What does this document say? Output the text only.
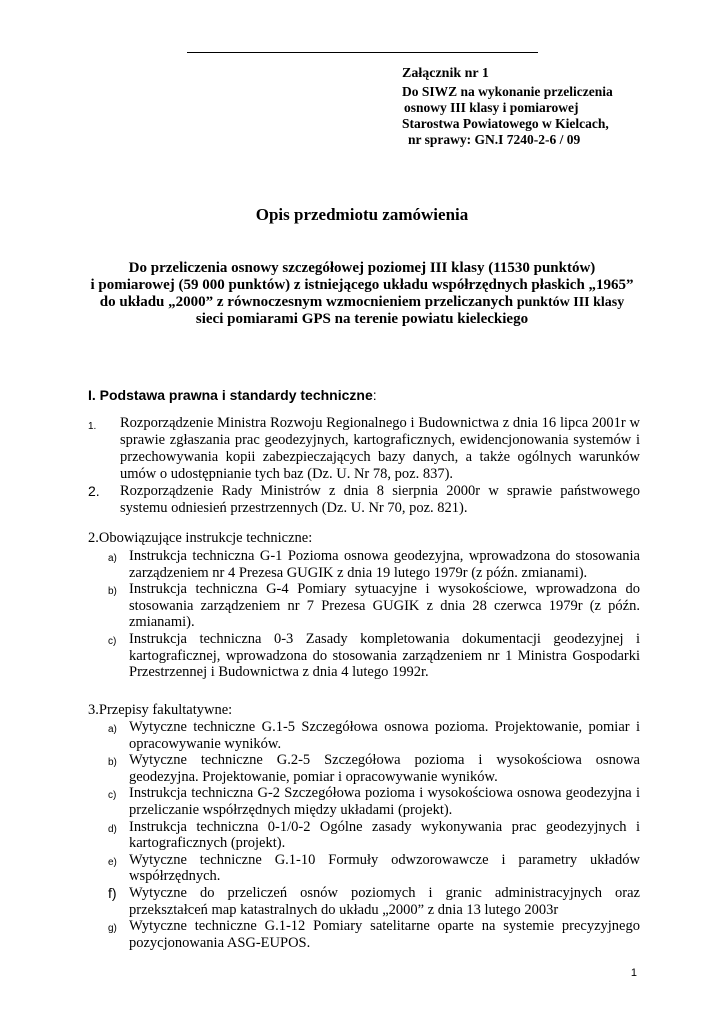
Załącznik nr 1
Do SIWZ na wykonanie przeliczenia
osnowy III klasy i pomiarowej
Starostwa Powiatowego w Kielcach,
nr sprawy: GN.I 7240-2-6 / 09
Opis przedmiotu zamówienia
Do przeliczenia osnowy szczegółowej poziomej III klasy (11530 punktów)
i pomiarowej (59 000 punktów) z istniejącego układu współrzędnych płaskich „1965”
do układu „2000” z równoczesnym wzmocnieniem przeliczanych punktów III klasy
sieci pomiarami GPS na terenie powiatu kieleckiego
I. Podstawa prawna i standardy techniczne:
1. Rozporządzenie Ministra Rozwoju Regionalnego i Budownictwa z dnia 16 lipca 2001r w sprawie zgłaszania prac geodezyjnych, kartograficznych, ewidencjonowania systemów i przechowywania kopii zabezpieczających bazy danych, a także ogólnych warunków umów o udostępnianie tych baz (Dz. U. Nr 78, poz. 837).
2. Rozporządzenie Rady Ministrów z dnia 8 sierpnia 2000r w sprawie państwowego systemu odniesień przestrzennych (Dz. U. Nr 70, poz. 821).
2.Obowiązujące instrukcje techniczne:
a) Instrukcja techniczna G-1 Pozioma osnowa geodezyjna, wprowadzona do stosowania zarządzeniem nr 4 Prezesa GUGIK z dnia 19 lutego 1979r (z późn. zmianami).
b) Instrukcja techniczna G-4 Pomiary sytuacyjne i wysokościowe, wprowadzona do stosowania zarządzeniem nr 7 Prezesa GUGIK z dnia 28 czerwca 1979r (z późn. zmianami).
c) Instrukcja techniczna 0-3 Zasady kompletowania dokumentacji geodezyjnej i kartograficznej, wprowadzona do stosowania zarządzeniem nr 1 Ministra Gospodarki Przestrzennej i Budownictwa z dnia 4 lutego 1992r.
3.Przepisy fakultatywne:
a) Wytyczne techniczne G.1-5 Szczegółowa osnowa pozioma. Projektowanie, pomiar i opracowywanie wyników.
b) Wytyczne techniczne G.2-5 Szczegółowa pozioma i wysokościowa osnowa geodezyjna. Projektowanie, pomiar i opracowywanie wyników.
c) Instrukcja techniczna G-2 Szczegółowa pozioma i wysokościowa osnowa geodezyjna i przeliczanie współrzędnych między układami (projekt).
d) Instrukcja techniczna 0-1/0-2 Ogólne zasady wykonywania prac geodezyjnych i kartograficznych (projekt).
e) Wytyczne techniczne G.1-10 Formuły odwzorowawcze i parametry układów współrzędnych.
f) Wytyczne do przeliczeń osnów poziomych i granic administracyjnych oraz przekształceń map katastralnych do układu „2000” z dnia 13 lutego 2003r
g) Wytyczne techniczne G.1-12 Pomiary satelitarne oparte na systemie precyzyjnego pozycjonowania ASG-EUPOS.
1
